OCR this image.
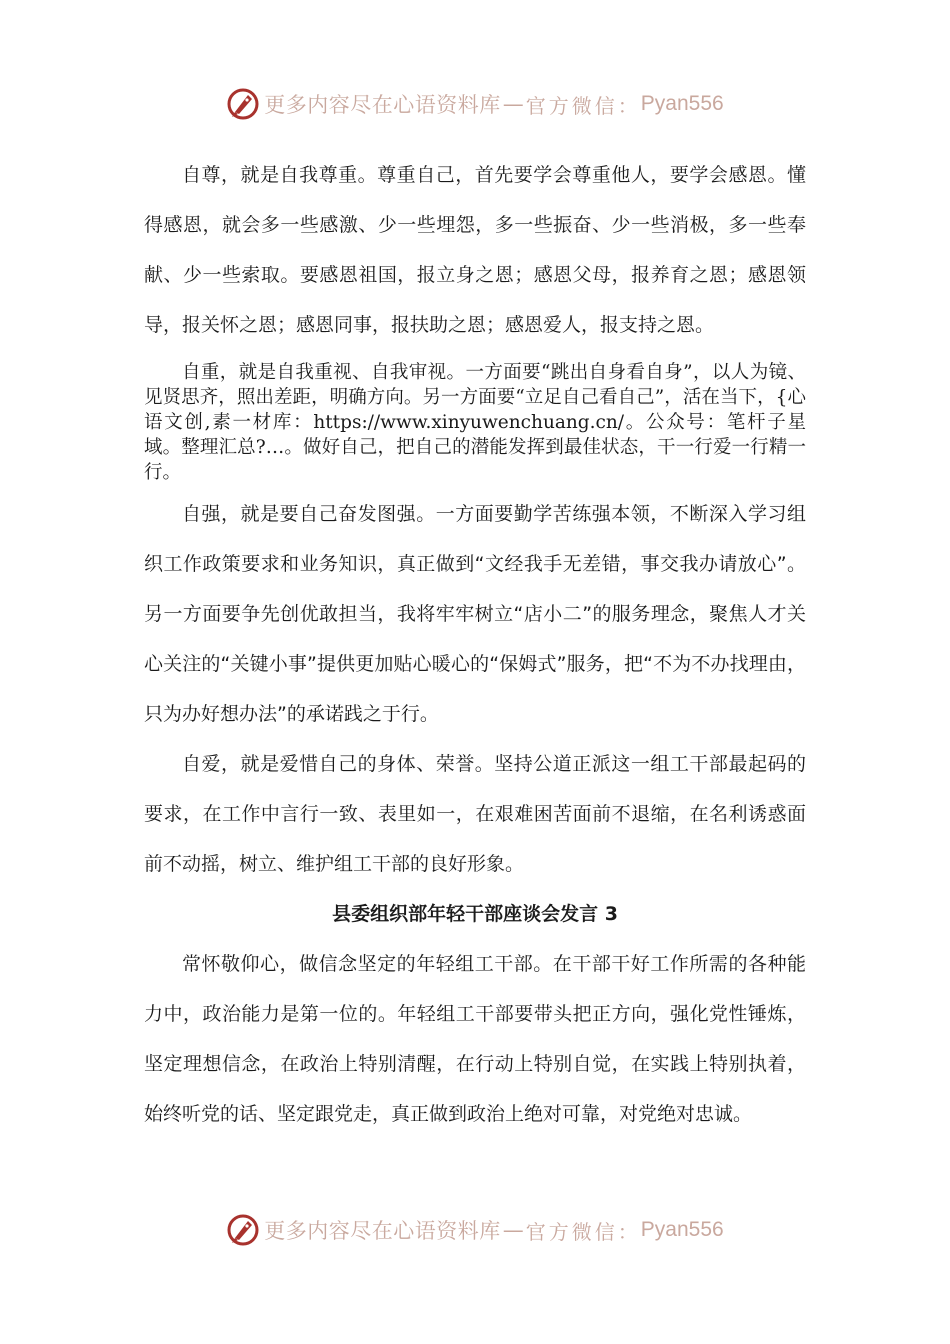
更多内容尽在心语资料库 — 官方微信： Pyan556

自尊，就是自我尊重。尊重自己，首先要学会尊重他人，要学会感恩。懂得感恩，就会多一些感激、少一些埋怨，多一些振奋、少一些消极，多一些奉献、少一些索取。要感恩祖国，报立身之恩；感恩父母，报养育之恩；感恩领导，报关怀之恩；感恩同事，报扶助之恩；感恩爱人，报支持之恩。

自重，就是自我重视、自我审视。一方面要“跳出自身看自身”，以人为镜、见贤思齐，照出差距，明确方向。另一方面要“立足自己看自己”，活在当下，{心语文创,素一材库：https://www.xinyuwenchuang.cn/。公众号：笔杆子星域。整理汇总?…。做好自己，把自己的潜能发挥到最佳状态，干一行爱一行精一行。

自强，就是要自己奋发图强。一方面要勤学苦练强本领，不断深入学习组织工作政策要求和业务知识，真正做到“文经我手无差错，事交我办请放心”。另一方面要争先创优敢担当，我将牢牢树立“店小二”的服务理念，聚焦人才关心关注的“关键小事”提供更加贴心暖心的“保姆式”服务，把“不为不办找理由，只为办好想办法”的承诺践之于行。

自爱，就是爱惜自己的身体、荣誉。坚持公道正派这一组工干部最起码的要求，在工作中言行一致、表里如一，在艰难困苦面前不退缩，在名利诱惑面前不动摇，树立、维护组工干部的良好形象。

县委组织部年轻干部座谈会发言 3

常怀敬仰心，做信念坚定的年轻组工干部。在干部干好工作所需的各种能力中，政治能力是第一位的。年轻组工干部要带头把正方向，强化党性锤炼，坚定理想信念，在政治上特别清醒，在行动上特别自觉，在实践上特别执着，始终听党的话、坚定跟党走，真正做到政治上绝对可靠，对党绝对忠诚。

更多内容尽在心语资料库 — 官方微信： Pyan556
